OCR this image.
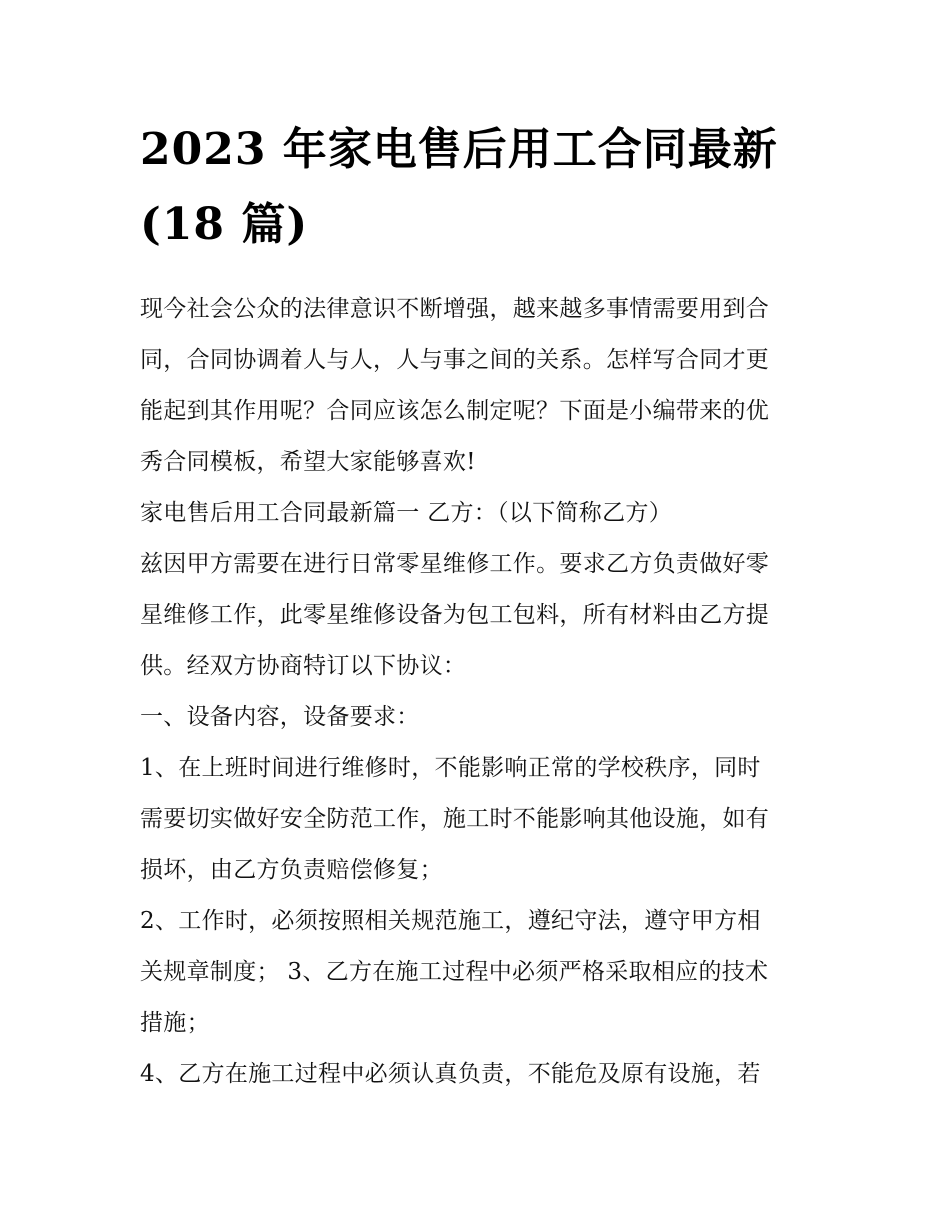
2023 年家电售后用工合同最新
(18 篇)

现今社会公众的法律意识不断增强，越来越多事情需要用到合
同，合同协调着人与人，人与事之间的关系。怎样写合同才更
能起到其作用呢？合同应该怎么制定呢？下面是小编带来的优
秀合同模板，希望大家能够喜欢!

家电售后用工合同最新篇一 乙方：（以下简称乙方）

兹因甲方需要在进行日常零星维修工作。要求乙方负责做好零
星维修工作，此零星维修设备为包工包料，所有材料由乙方提
供。经双方协商特订以下协议：

一、设备内容，设备要求：

1、在上班时间进行维修时，不能影响正常的学校秩序，同时
需要切实做好安全防范工作，施工时不能影响其他设施，如有
损坏，由乙方负责赔偿修复；

2、工作时，必须按照相关规范施工，遵纪守法，遵守甲方相
关规章制度； 3、乙方在施工过程中必须严格采取相应的技术
措施；

4、乙方在施工过程中必须认真负责，不能危及原有设施，若
